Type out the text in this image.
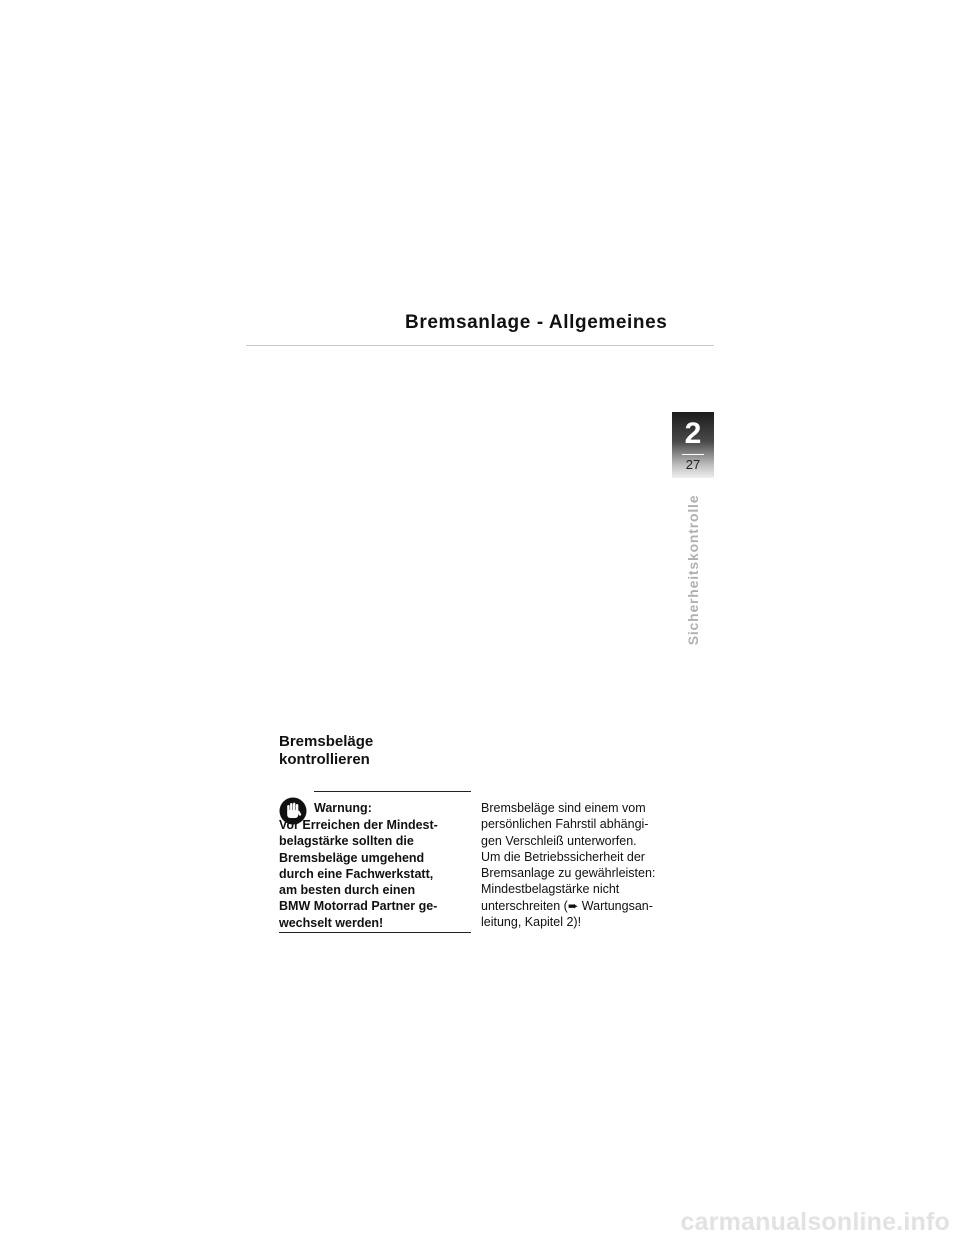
Bremsanlage - Allgemeines
2
27
Sicherheitskontrolle
Bremsbeläge
kontrollieren
Warnung:
Vor Erreichen der Mindest-
belagstärke sollten die
Bremsbeläge umgehend
durch eine Fachwerkstatt,
am besten durch einen
BMW Motorrad Partner ge-
wechselt werden!
Bremsbeläge sind einem vom
persönlichen Fahrstil abhängi-
gen Verschleiß unterworfen.
Um die Betriebssicherheit der
Bremsanlage zu gewährleisten:
Mindestbelagstärke nicht
unterschreiten (➨ Wartungsan-
leitung, Kapitel 2)!
carmanualsonline.info
